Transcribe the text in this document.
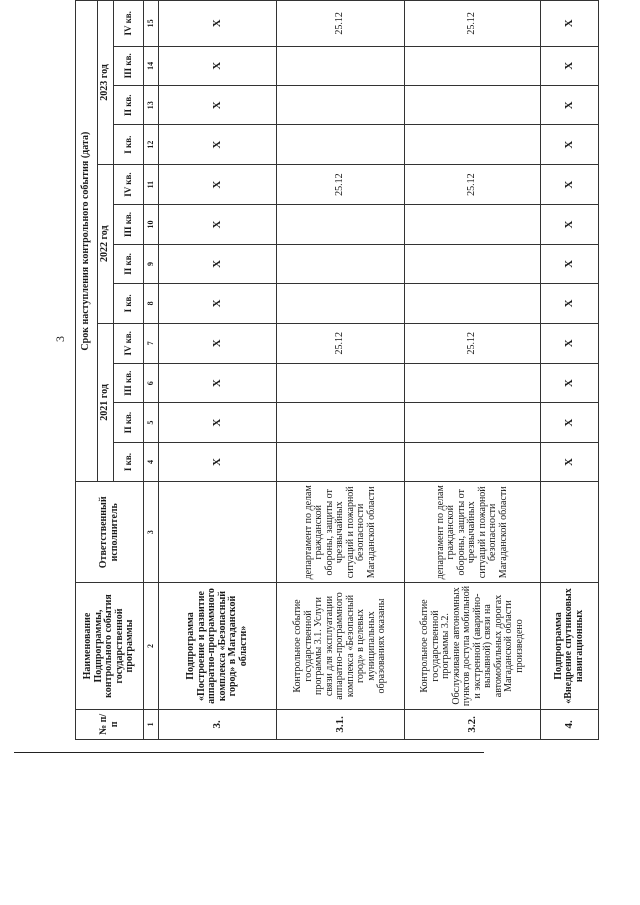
3
№ п/п	Наименование Подпрограммы, контрольного события государственной программы	Ответственный исполнитель	Срок наступления контрольного события (дата)											
			2021 год				2022 год				2023 год			
			I кв.	II кв.	III кв.	IV кв.	I кв.	II кв.	III кв.	IV кв.	I кв.	II кв.	III кв.	IV кв.
1	2	3	4	5	6	7	8	9	10	11	12	13	14	15
3.	Подпрограмма «Построение и развитие аппаратно-программного комплекса «Безопасный город» в Магаданской области»		Х	Х	Х	Х	Х	Х	Х	Х	Х	Х	Х	Х
3.1.	Контрольное событие государственной программы 3.1. Услуги связи для эксплуатации аппаратно-программного комплекса «Безопасный город» в целевых муниципальных образованиях оказаны	департамент по делам гражданской обороны, защиты от чрезвычайных ситуаций и пожарной безопасности Магаданской области				25.12				25.12				25.12
3.2.	Контрольное событие государственной программы 3.2. Обслуживание автономных пунктов доступа мобильной и экстренной (аварийно-вызывной) связи на автомобильных дорогах Магаданской области произведено	департамент по делам гражданской обороны, защиты от чрезвычайных ситуаций и пожарной безопасности Магаданской области				25.12				25.12				25.12
4.	Подпрограмма «Внедрение спутниковых навигационных		Х	Х	Х	Х	Х	Х	Х	Х	Х	Х	Х	Х
